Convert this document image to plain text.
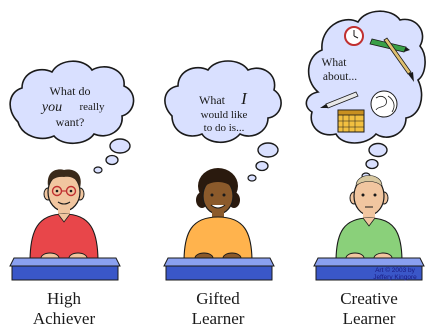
What do
you really
want?
High
Achiever
What I
would like
to do is...
Gifted
Learner
What
about...
Art © 2003 by
Jeffery Kingore
Creative
Learner
